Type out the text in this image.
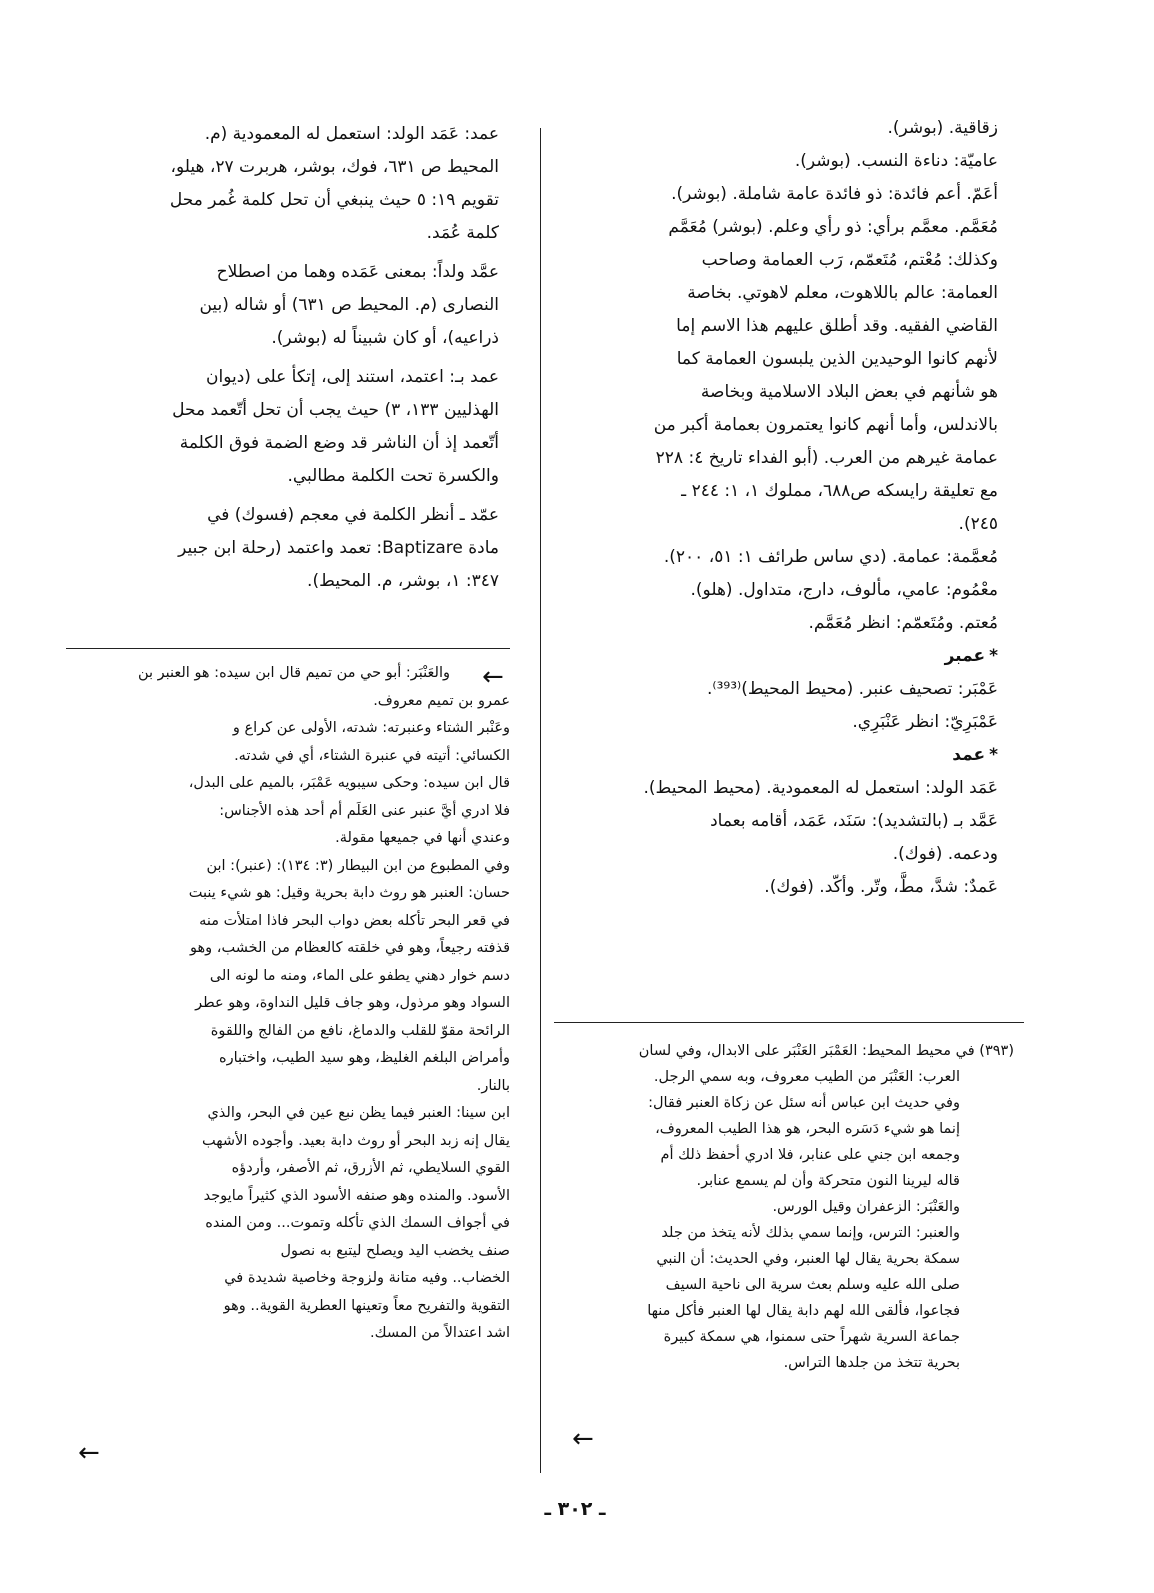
زقاقية. (بوشر).

عاميّة: دناءة النسب. (بوشر).

أعَمّ. أعم فائدة: ذو فائدة عامة شاملة. (بوشر).

مُعَمَّم. معمَّم برأي: ذو رأي وعلم. (بوشر) مُعَمَّم

وكذلك: مُعْتم، مُتَعمّم، رَب العمامة وصاحب

العمامة: عالم باللاهوت، معلم لاهوتي. بخاصة

القاضي الفقيه. وقد أطلق عليهم هذا الاسم إما

لأنهم كانوا الوحيدين الذين يلبسون العمامة كما

هو شأنهم في بعض البلاد الاسلامية وبخاصة

بالاندلس، وأما أنهم كانوا يعتمرون بعمامة أكبر من

عمامة غيرهم من العرب. (أبو الفداء تاريخ ٤: ٢٢٨

مع تعليقة رايسكه ص٦٨٨، مملوك ١، ١: ٢٤٤ ـ

٢٤٥).

مُعمَّمة: عمامة. (دي ساس طرائف ١: ٥١، ٢٠٠).

معْمُوم: عامي، مألوف، دارج، متداول. (هلو).

مُعتم. ومُتَعمّم: انظر مُعَمَّم.

*عمبر

عَمْبَر: تصحيف عنبر. (محيط المحيط)⁽³⁹³⁾.

عَمْبَرِيّ: انظر عَنْبَرِي.

*عمد

عَمَد الولد: استعمل له المعمودية. (محيط المحيط).

عَمَّد بـ (بالتشديد): سَنَد، عَمَد، أقامه بعماد

ودعمه. (فوك).

عَمدٌ: شدَّ، مطَّ، وتّر. وأكّد. (فوك).

عمد: عَمَد الولد: استعمل له المعمودية (م.

المحيط ص ٦٣١، فوك، بوشر، هربرت ٢٧، هيلو،

تقويم ١٩: ٥ حيث ينبغي أن تحل كلمة غُمر محل

كلمة عُمَد.

عمَّد ولداً: بمعنى عَمَده وهما من اصطلاح

النصارى (م. المحيط ص ٦٣١) أو شاله (بين

ذراعيه)، أو كان شبيناً له (بوشر).

عمد بـ: اعتمد، استند إلى، إتكأ على (ديوان

الهذليين ١٣٣، ٣) حيث يجب أن تحل أتّعمد محل

أتّعمد إذ أن الناشر قد وضع الضمة فوق الكلمة

والكسرة تحت الكلمة مطالبي.

عمّد ـ أنظر الكلمة في معجم (فسوك) في

مادة Baptizare: تعمد واعتمد (رحلة ابن جبير

٣٤٧: ١، بوشر، م. المحيط).

والعَنْبَر: أبو حي من تميم قال ابن سيده: هو العنبر بن

عمرو بن تميم معروف.

وعَنْبر الشتاء وعنبرته: شدته، الأولى عن كراع و

الكسائي: أتيته في عنبرة الشتاء، أي في شدته.

قال ابن سيده: وحكى سيبويه عَمْبَر، بالميم على البدل،

فلا ادري أيَّ عنبر عنى العَلَم أم أحد هذه الأجناس:

وعندي أنها في جميعها مقولة.

وفي المطبوع من ابن البيطار (٣: ١٣٤): (عنبر): ابن

حسان: العنبر هو روث دابة بحرية وقيل: هو شيء ينبت

في قعر البحر تأكله بعض دواب البحر فاذا امتلأت منه

قذفته رجيعاً، وهو في خلقته كالعظام من الخشب، وهو

دسم خوار دهني يطفو على الماء، ومنه ما لونه الى

السواد وهو مرذول، وهو جاف قليل النداوة، وهو عطر

الرائحة مقوّ للقلب والدماغ، نافع من الفالج واللقوة

وأمراض البلغم الغليظ، وهو سيد الطيب، واختباره

بالنار.

ابن سينا: العنبر فيما يظن نبع عين في البحر، والذي

يقال إنه زبد البحر أو روث دابة بعيد. وأجوده الأشهب

القوي السلايطي، ثم الأزرق، ثم الأصفر، وأردؤه

الأسود. والمنده وهو صنفه الأسود الذي كثيراً مايوجد

في أجواف السمك الذي تأكله وتموت... ومن المنده

صنف يخضب اليد ويصلح ليتبع به نصول

الخضاب.. وفيه متانة ولزوجة وخاصية شديدة في

التقوية والتفريح معاً وتعينها العطرية القوية.. وهو

اشد اعتدالاً من المسك.

(٣٩٣) في محيط المحيط: العَمْبَر العَنْبَر على الابدال، وفي لسان

العرب: العَنْبَر من الطيب معروف، وبه سمي الرجل.

وفي حديث ابن عباس أنه سئل عن زكاة العنبر فقال:

إنما هو شيء دَسَره البحر، هو هذا الطيب المعروف،

وجمعه ابن جني على عنابر، فلا ادري أحفظ ذلك أم

قاله ليرينا النون متحركة وأن لم يسمع عنابر.

والعَنْبَر: الزعفران وقيل الورس.

والعنبر: الترس، وإنما سمي بذلك لأنه يتخذ من جلد

سمكة بحرية يقال لها العنبر، وفي الحديث: أن النبي

صلى الله عليه وسلم بعث سرية الى ناحية السيف

فجاعوا، فألقى الله لهم دابة يقال لها العنبر فأكل منها

جماعة السرية شهراً حتى سمنوا، هي سمكة كبيرة

بحرية تتخذ من جلدها التراس.

←
←	←
ـ ٣٠٢ ـ
